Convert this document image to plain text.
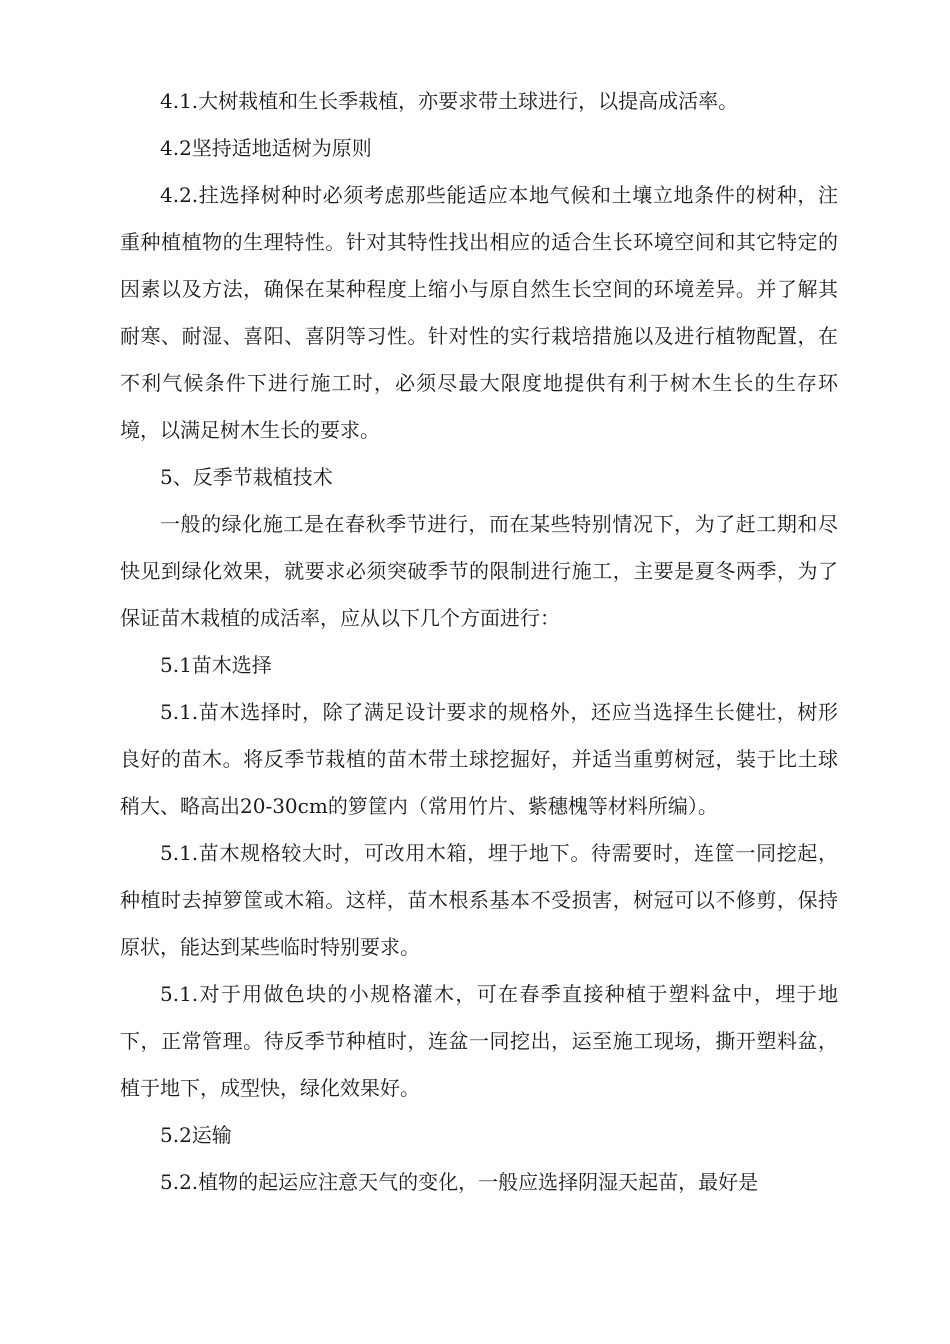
4.1.大树栽植和生长季栽植，亦要求带土球进行，以提高成活率。

4.2坚持适地适树为原则

4.2.拄选择树种时必须考虑那些能适应本地气候和土壤立地条件的树种，注重种植植物的生理特性。针对其特性找出相应的适合生长环境空间和其它特定的因素以及方法，确保在某种程度上缩小与原自然生长空间的环境差异。并了解其耐寒、耐湿、喜阳、喜阴等习性。针对性的实行栽培措施以及进行植物配置，在不利气候条件下进行施工时，必须尽最大限度地提供有利于树木生长的生存环境，以满足树木生长的要求。

5、反季节栽植技术

一般的绿化施工是在春秋季节进行，而在某些特别情况下，为了赶工期和尽快见到绿化效果，就要求必须突破季节的限制进行施工，主要是夏冬两季，为了保证苗木栽植的成活率，应从以下几个方面进行：

5.1苗木选择

5.1.苗木选择时，除了满足设计要求的规格外，还应当选择生长健壮，树形良好的苗木。将反季节栽植的苗木带土球挖掘好，并适当重剪树冠，装于比土球稍大、略高出20-30cm的箩筐内（常用竹片、紫穗槐等材料所编）。

5.1.苗木规格较大时，可改用木箱，埋于地下。待需要时，连筐一同挖起，种植时去掉箩筐或木箱。这样，苗木根系基本不受损害，树冠可以不修剪，保持原状，能达到某些临时特别要求。

5.1.对于用做色块的小规格灌木，可在春季直接种植于塑料盆中，埋于地下，正常管理。待反季节种植时，连盆一同挖出，运至施工现场，撕开塑料盆，植于地下，成型快，绿化效果好。

5.2运输

5.2.植物的起运应注意天气的变化，一般应选择阴湿天起苗，最好是
